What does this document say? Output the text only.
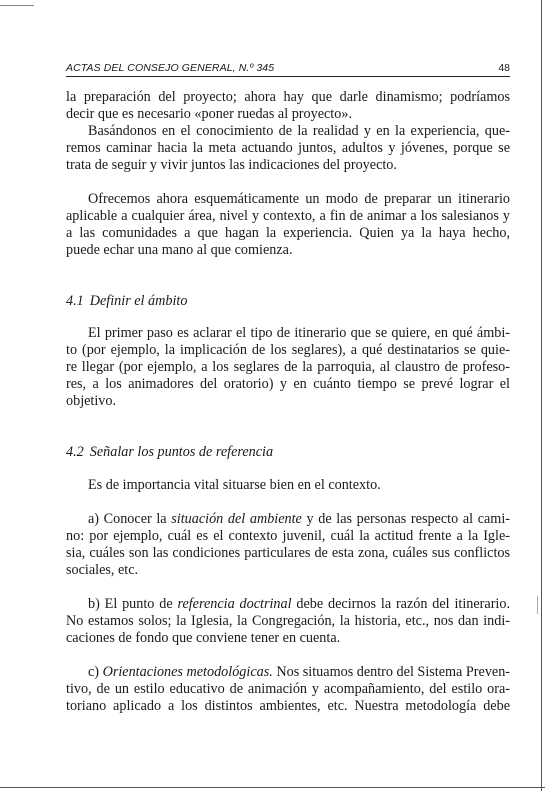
ACTAS DEL CONSEJO GENERAL, N.º 345	48
la preparación del proyecto; ahora hay que darle dinamismo; podríamos
decir que es necesario «poner ruedas al proyecto».
Basándonos en el conocimiento de la realidad y en la experiencia, que-
remos caminar hacia la meta actuando juntos, adultos y jóvenes, porque se
trata de seguir y vivir juntos las indicaciones del proyecto.
Ofrecemos ahora esquemáticamente un modo de preparar un itinerario
aplicable a cualquier área, nivel y contexto, a fin de animar a los salesianos y
a las comunidades a que hagan la experiencia. Quien ya la haya hecho,
puede echar una mano al que comienza.
4.1 Definir el ámbito
El primer paso es aclarar el tipo de itinerario que se quiere, en qué ámbi-
to (por ejemplo, la implicación de los seglares), a qué destinatarios se quie-
re llegar (por ejemplo, a los seglares de la parroquia, al claustro de profeso-
res, a los animadores del oratorio) y en cuánto tiempo se prevé lograr el
objetivo.
4.2 Señalar los puntos de referencia
Es de importancia vital situarse bien en el contexto.
a) Conocer la situación del ambiente y de las personas respecto al cami-
no: por ejemplo, cuál es el contexto juvenil, cuál la actitud frente a la Igle-
sia, cuáles son las condiciones particulares de esta zona, cuáles sus conflictos
sociales, etc.
b) El punto de referencia doctrinal debe decirnos la razón del itinerario.
No estamos solos; la Iglesia, la Congregación, la historia, etc., nos dan indi-
caciones de fondo que conviene tener en cuenta.
c) Orientaciones metodológicas. Nos situamos dentro del Sistema Preven-
tivo, de un estilo educativo de animación y acompañamiento, del estilo ora-
toriano aplicado a los distintos ambientes, etc. Nuestra metodología debe
